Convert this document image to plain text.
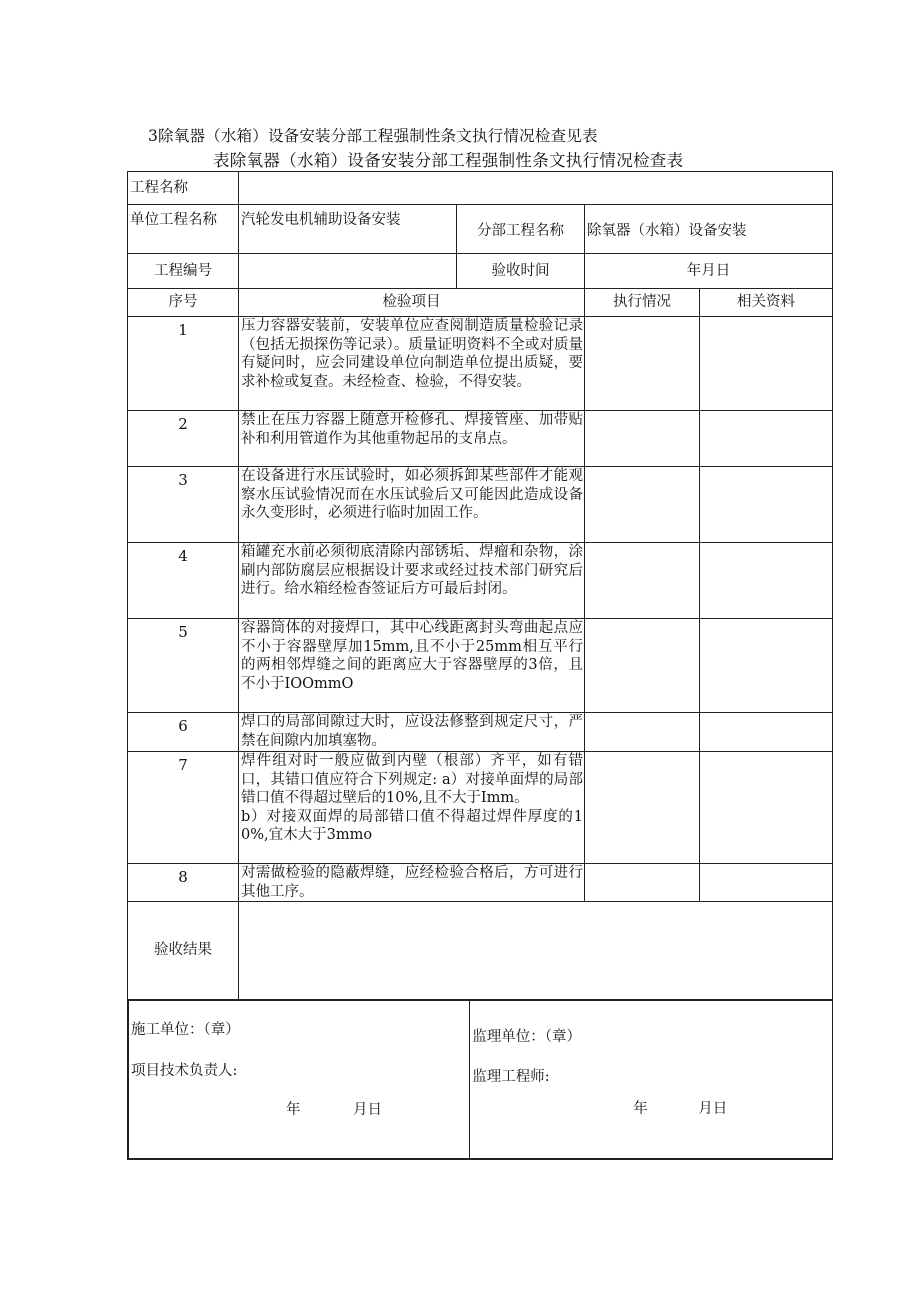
3除氧器（水箱）设备安装分部工程强制性条文执行情况检查见表
表除氧器（水箱）设备安装分部工程强制性条文执行情况检查表
工程名称	
单位工程名称	汽轮发电机辅助设备安装	分部工程名称	除氧器（水箱）设备安装
工程编号		验收时间	年月日
序号	检验项目	执行情况	相关资料
1	压力容器安装前，安装单位应查阅制造质量检验记录（包括无损探伤等记录）。质量证明资料不全或对质量有疑问时，应会同建设单位向制造单位提出质疑，要求补检或复查。未经检查、检验，不得安装。		
2	禁止在压力容器上随意开检修孔、焊接管座、加带贴补和利用管道作为其他重物起吊的支帛点。		
3	在设备进行水压试验时，如必须拆卸某些部件才能观察水压试验情况而在水压试验后又可能因此造成设备永久变形时，必须进行临时加固工作。		
4	箱罐充水前必须彻底清除内部锈垢、焊瘤和杂物，涂刷内部防腐层应根据设计要求或经过技术部门研究后进行。给水箱经检杳签证后方可最后封闭。		
5	容器筒体的对接焊口，其中心线距离封头弯曲起点应不小于容器壁厚加15mm,且不小于25mm相互平行的两相邻焊缝之间的距离应大于容器壁厚的3倍，且不小于IOOmmO		
6	焊口的局部间隙过大时，应设法修整到规定尺寸，严禁在间隙内加填塞物。		
7	焊件组对时一般应做到内壁（根部）齐平，如有错口，其错口值应符合下列规定: a）对接单面焊的局部错口值不得超过壁后的10%,且不大于Imm。
b）对接双面焊的局部错口值不得超过焊件厚度的10%,宜木大于3mmo

8	对需做检验的隐蔽焊缝，应经检验合格后，方可进行其他工序。		
验收结果	

施工单位：（章）
项目技术负责人:
年	月日

监理单位：（章）
监理工程师:
年	月日
